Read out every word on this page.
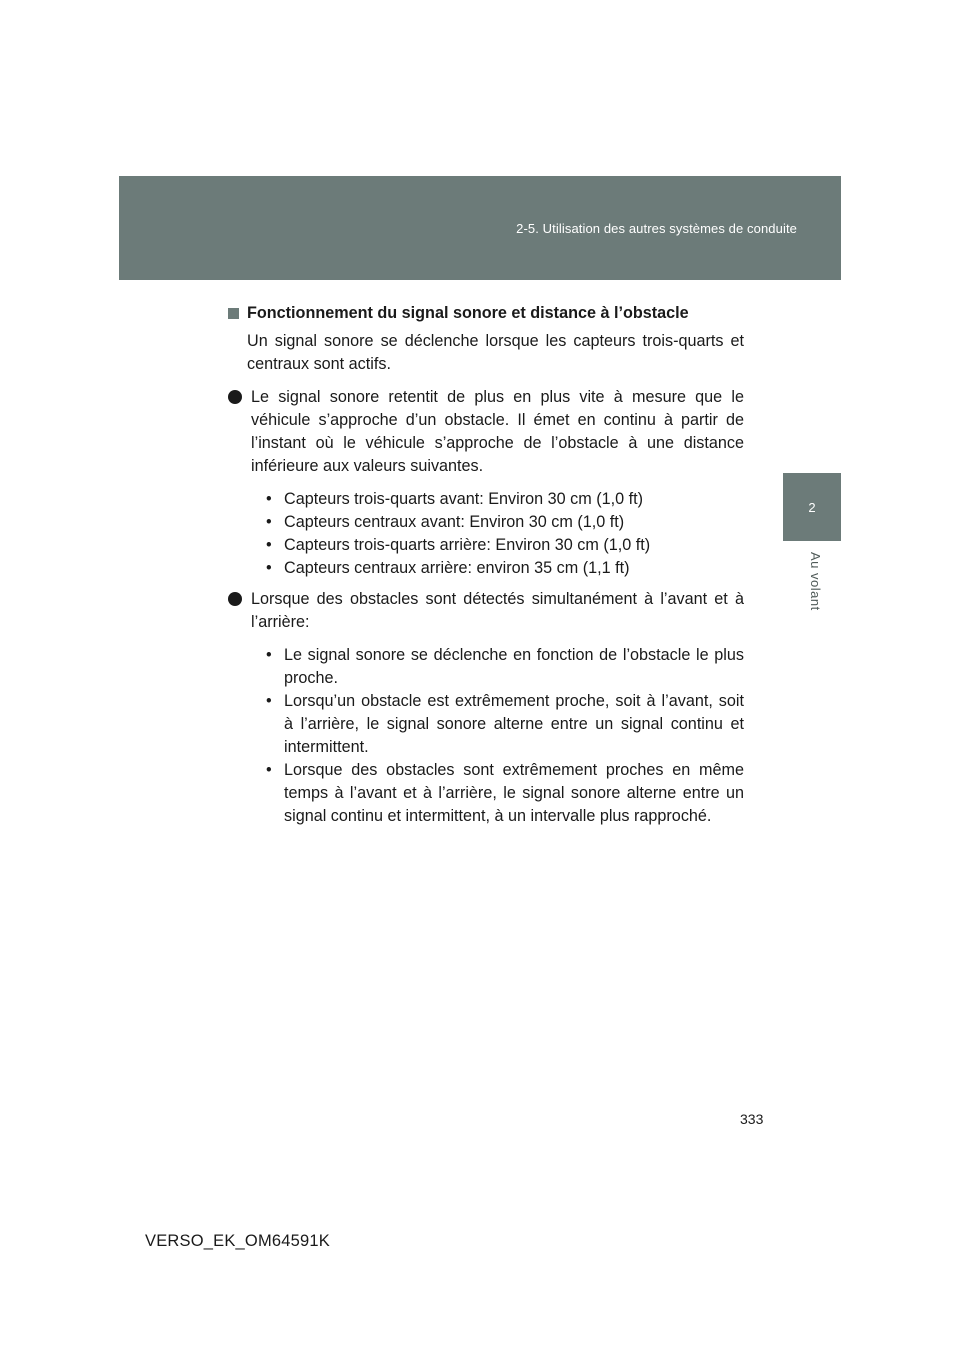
2-5. Utilisation des autres systèmes de conduite
2
Au volant
Fonctionnement du signal sonore et distance à l’obstacle

Un signal sonore se déclenche lorsque les capteurs trois-quarts et centraux sont actifs.

Le signal sonore retentit de plus en plus vite à mesure que le véhicule s’approche d’un obstacle. Il émet en continu à partir de l’instant où le véhicule s’approche de l’obstacle à une distance inférieure aux valeurs suivantes.
• Capteurs trois-quarts avant: Environ 30 cm (1,0 ft)
• Capteurs centraux avant: Environ 30 cm (1,0 ft)
• Capteurs trois-quarts arrière: Environ 30 cm (1,0 ft)
• Capteurs centraux arrière: environ 35 cm (1,1 ft)
Lorsque des obstacles sont détectés simultanément à l’avant et à l’arrière:
• Le signal sonore se déclenche en fonction de l’obstacle le plus proche.
• Lorsqu’un obstacle est extrêmement proche, soit à l’avant, soit à l’arrière, le signal sonore alterne entre un signal continu et intermittent.
• Lorsque des obstacles sont extrêmement proches en même temps à l’avant et à l’arrière, le signal sonore alterne entre un signal continu et intermittent, à un intervalle plus rapproché.
333
VERSO_EK_OM64591K
